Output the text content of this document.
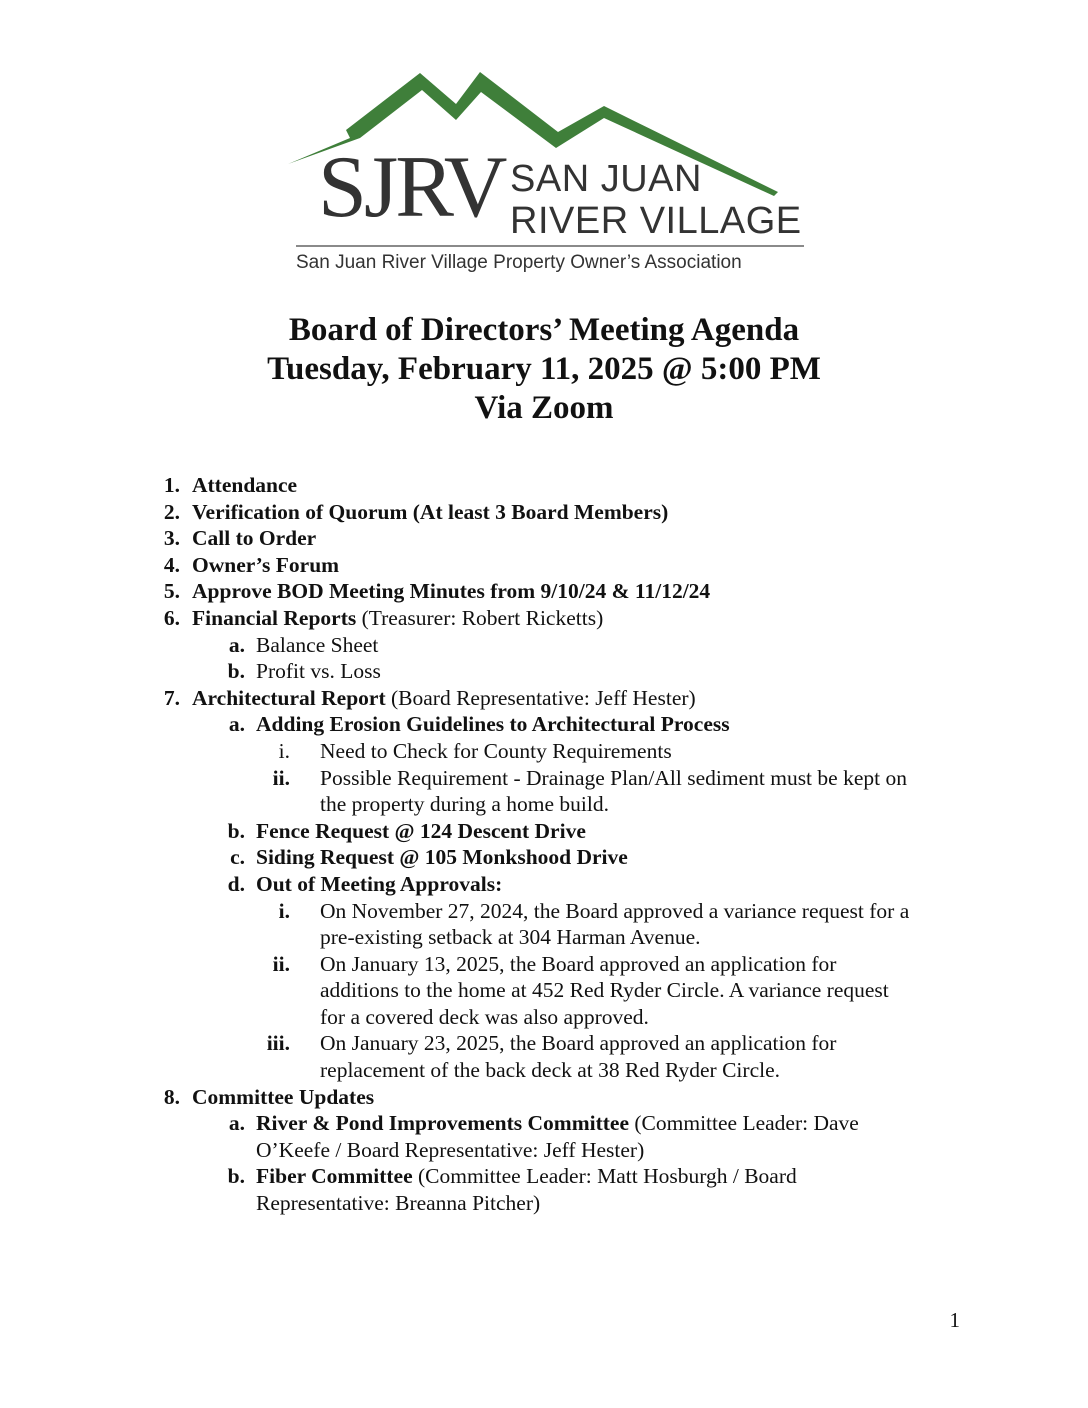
SJRV SAN JUAN
RIVER VILLAGE
San Juan River Village Property Owner’s Association
Board of Directors’ Meeting Agenda
Tuesday, February 11, 2025 @ 5:00 PM
Via Zoom
1. Attendance
2. Verification of Quorum (At least 3 Board Members)
3. Call to Order
4. Owner’s Forum
5. Approve BOD Meeting Minutes from 9/10/24 & 11/12/24
6. Financial Reports (Treasurer: Robert Ricketts)
a. Balance Sheet
b. Profit vs. Loss
7. Architectural Report (Board Representative: Jeff Hester)
a. Adding Erosion Guidelines to Architectural Process
i. Need to Check for County Requirements
ii. Possible Requirement - Drainage Plan/All sediment must be kept on
the property during a home build.
b. Fence Request @ 124 Descent Drive
c. Siding Request @ 105 Monkshood Drive
d. Out of Meeting Approvals:
i. On November 27, 2024, the Board approved a variance request for a
pre-existing setback at 304 Harman Avenue.
ii. On January 13, 2025, the Board approved an application for
additions to the home at 452 Red Ryder Circle. A variance request
for a covered deck was also approved.
iii. On January 23, 2025, the Board approved an application for
replacement of the back deck at 38 Red Ryder Circle.
8. Committee Updates
a. River & Pond Improvements Committee (Committee Leader: Dave
O’Keefe / Board Representative: Jeff Hester)
b. Fiber Committee (Committee Leader: Matt Hosburgh / Board
Representative: Breanna Pitcher)
1
